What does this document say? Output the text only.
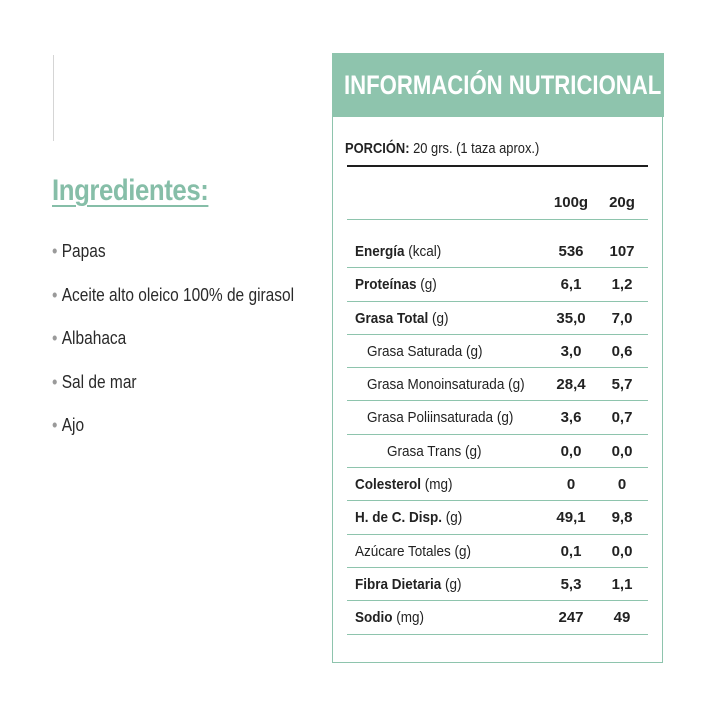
Ingredientes:
• Papas
• Aceite alto oleico 100% de girasol
• Albahaca
• Sal de mar
• Ajo
INFORMACIÓN NUTRICIONAL
PORCIÓN: 20 grs. (1 taza aprox.)
100g	20g
Energía (kcal)	536	107
Proteínas (g)	6,1	1,2
Grasa Total (g)	35,0	7,0
Grasa Saturada (g)	3,0	0,6
Grasa Monoinsaturada (g)	28,4	5,7
Grasa Poliinsaturada (g)	3,6	0,7
Grasa Trans (g)	0,0	0,0
Colesterol (mg)	0	0
H. de C. Disp. (g)	49,1	9,8
Azúcare Totales (g)	0,1	0,0
Fibra Dietaria (g)	5,3	1,1
Sodio (mg)	247	49
